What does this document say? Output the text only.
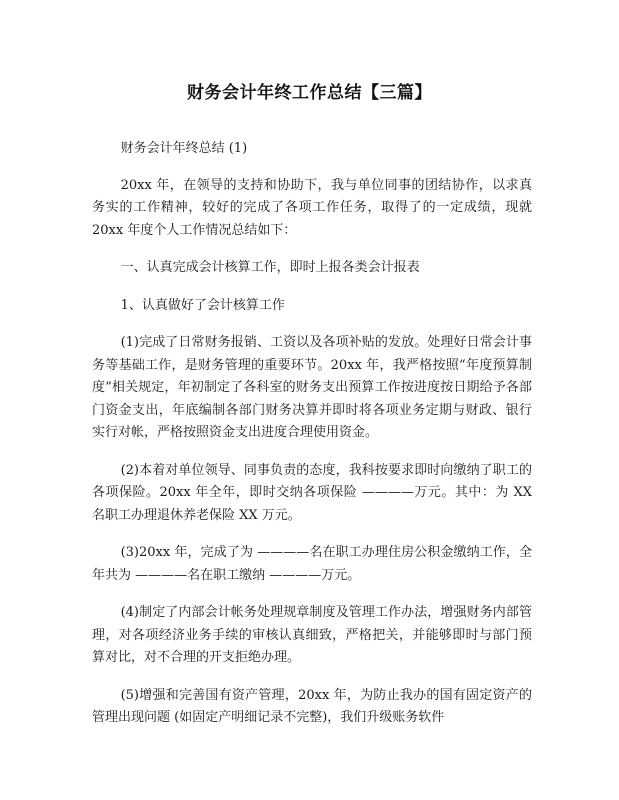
财务会计年终工作总结【三篇】

财务会计年终总结 (1)

20xx 年，在领导的支持和协助下，我与单位同事的团结协作，以求真务实的工作精神，较好的完成了各项工作任务，取得了的一定成绩，现就 20xx 年度个人工作情况总结如下：

一、认真完成会计核算工作，即时上报各类会计报表

1、认真做好了会计核算工作

(1)完成了日常财务报销、工资以及各项补贴的发放。处理好日常会计事务等基础工作，是财务管理的重要环节。20xx 年，我严格按照“年度预算制度”相关规定，年初制定了各科室的财务支出预算工作按进度按日期给予各部门资金支出，年底编制各部门财务决算并即时将各项业务定期与财政、银行实行对帐，严格按照资金支出进度合理使用资金。

(2)本着对单位领导、同事负责的态度，我科按要求即时向缴纳了职工的各项保险。20xx 年全年，即时交纳各项保险 ————万元。其中：为 XX 名职工办理退休养老保险 XX 万元。

(3)20xx 年，完成了为 ————名在职工办理住房公积金缴纳工作，全年共为 ————名在职工缴纳 ————万元。

(4)制定了内部会计帐务处理规章制度及管理工作办法，增强财务内部管理，对各项经济业务手续的审核认真细致，严格把关，并能够即时与部门预算对比，对不合理的开支拒绝办理。

(5)增强和完善国有资产管理，20xx 年，为防止我办的国有固定资产的管理出现问题 (如固定产明细记录不完整)，我们升级账务软件
